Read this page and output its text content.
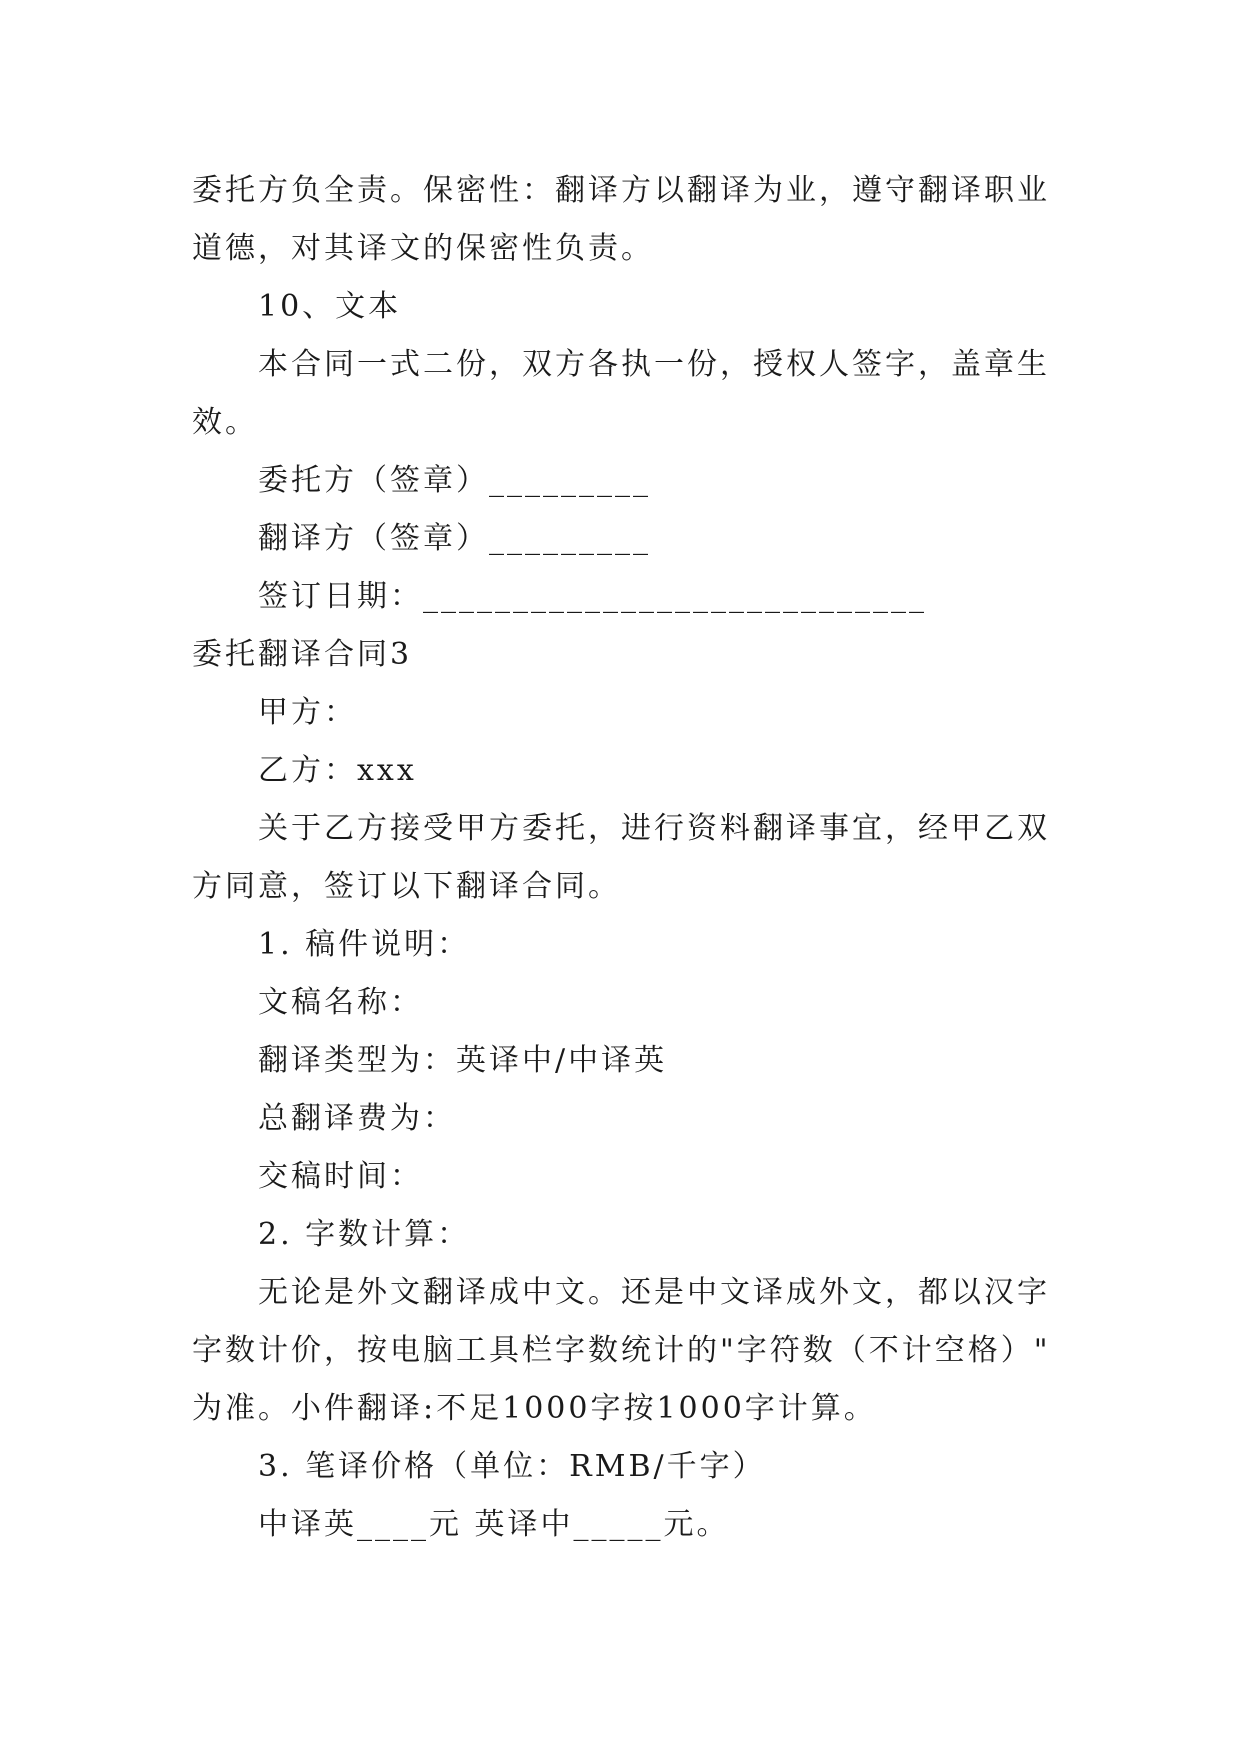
委托方负全责。保密性：翻译方以翻译为业，遵守翻译职业
道德，对其译文的保密性负责。
10、文本
本合同一式二份，双方各执一份，授权人签字，盖章生
效。
委托方（签章）_________
翻译方（签章）_________
签订日期：____________________________
委托翻译合同3
甲方：
乙方：xxx
关于乙方接受甲方委托，进行资料翻译事宜，经甲乙双
方同意，签订以下翻译合同。
1. 稿件说明：
文稿名称：
翻译类型为：英译中/中译英
总翻译费为：
交稿时间：
2. 字数计算：
无论是外文翻译成中文。还是中文译成外文，都以汉字
字数计价，按电脑工具栏字数统计的"字符数（不计空格）"
为准。小件翻译:不足1000字按1000字计算。
3. 笔译价格（单位：RMB/千字）
中译英____元 英译中_____元。
